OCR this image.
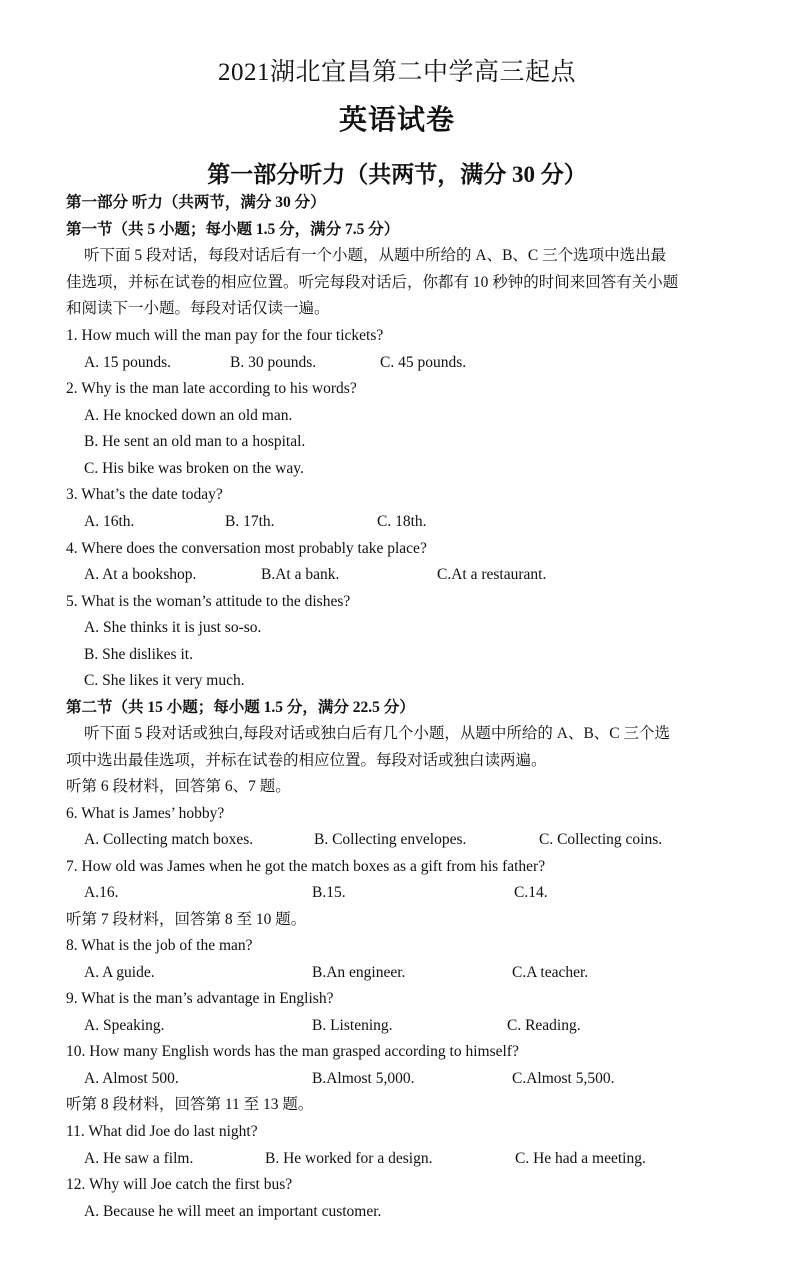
2021湖北宜昌第二中学高三起点
英语试卷
第一部分听力（共两节，满分 30 分）
第一部分 听力（共两节，满分 30 分）
第一节（共 5 小题；每小题 1.5 分，满分 7.5 分）
听下面 5 段对话，每段对话后有一个小题，从题中所给的 A、B、C 三个选项中选出最
佳选项，并标在试卷的相应位置。听完每段对话后，你都有 10 秒钟的时间来回答有关小题
和阅读下一小题。每段对话仅读一遍。
1. How much will the man pay for the four tickets?
A. 15 pounds.	B. 30 pounds.	C. 45 pounds.
2. Why is the man late according to his words?
A. He knocked down an old man.
B. He sent an old man to a hospital.
C. His bike was broken on the way.
3. What’s the date today?
A. 16th.	B. 17th.	C. 18th.
4. Where does the conversation most probably take place?
A. At a bookshop.	B.At a bank.	C.At a restaurant.
5. What is the woman’s attitude to the dishes?
A. She thinks it is just so-so.
B. She dislikes it.
C. She likes it very much.
第二节（共 15 小题；每小题 1.5 分，满分 22.5 分）
听下面 5 段对话或独白,每段对话或独白后有几个小题，从题中所给的 A、B、C 三个选
项中选出最佳选项，并标在试卷的相应位置。每段对话或独白读两遍。
听第 6 段材料，回答第 6、7 题。
6. What is James’ hobby?
A. Collecting match boxes.	B. Collecting envelopes.	C. Collecting coins.
7. How old was James when he got the match boxes as a gift from his father?
A.16.	B.15.	C.14.
听第 7 段材料，回答第 8 至 10 题。
8. What is the job of the man?
A. A guide.	B.An engineer.	C.A teacher.
9. What is the man’s advantage in English?
A. Speaking.	B. Listening.	C. Reading.
10. How many English words has the man grasped according to himself?
A. Almost 500.	B.Almost 5,000.	C.Almost 5,500.
听第 8 段材料，回答第 11 至 13 题。
11. What did Joe do last night?
A. He saw a film.	B. He worked for a design.	C. He had a meeting.
12. Why will Joe catch the first bus?
A. Because he will meet an important customer.
